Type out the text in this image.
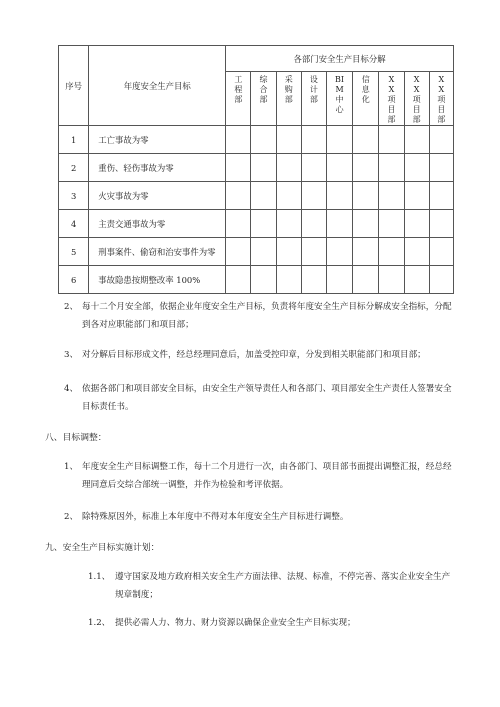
序号	年度安全生产目标	各部门安全生产目标分解								

		工程部	综合部	采购部	设计部	BIM中心	信息化	XX项目部	XX项目部	XX项目部

1	工亡事故为零									
2	重伤、轻伤事故为零									
3	火灾事故为零									
4	主责交通事故为零									
5	刑事案件、偷窃和治安事件为零									
6	事故隐患按期整改率 100%									
2、 每十二个月安全部，依据企业年度安全生产目标，负责将年度安全生产目标分解成安全指标，分配

到各对应职能部门和项目部；

3、 对分解后目标形成文件，经总经理同意后，加盖受控印章，分发到相关职能部门和项目部；

4、 依据各部门和项目部安全目标，由安全生产领导责任人和各部门、项目部安全生产责任人签署安全

目标责任书。

八、目标调整：
1、 年度安全生产目标调整工作，每十二个月进行一次，由各部门、项目部书面提出调整汇报，经总经

理同意后交综合部统一调整，并作为检验和考评依据。

2、 除特殊原因外，标准上本年度中不得对本年度安全生产目标进行调整。

九、安全生产目标实施计划：
1.1、 遵守国家及地方政府相关安全生产方面法律、法规、标准，不停完善、落实企业安全生产

规章制度；

1.2、 提供必需人力、物力、财力资源以确保企业安全生产目标实现；
